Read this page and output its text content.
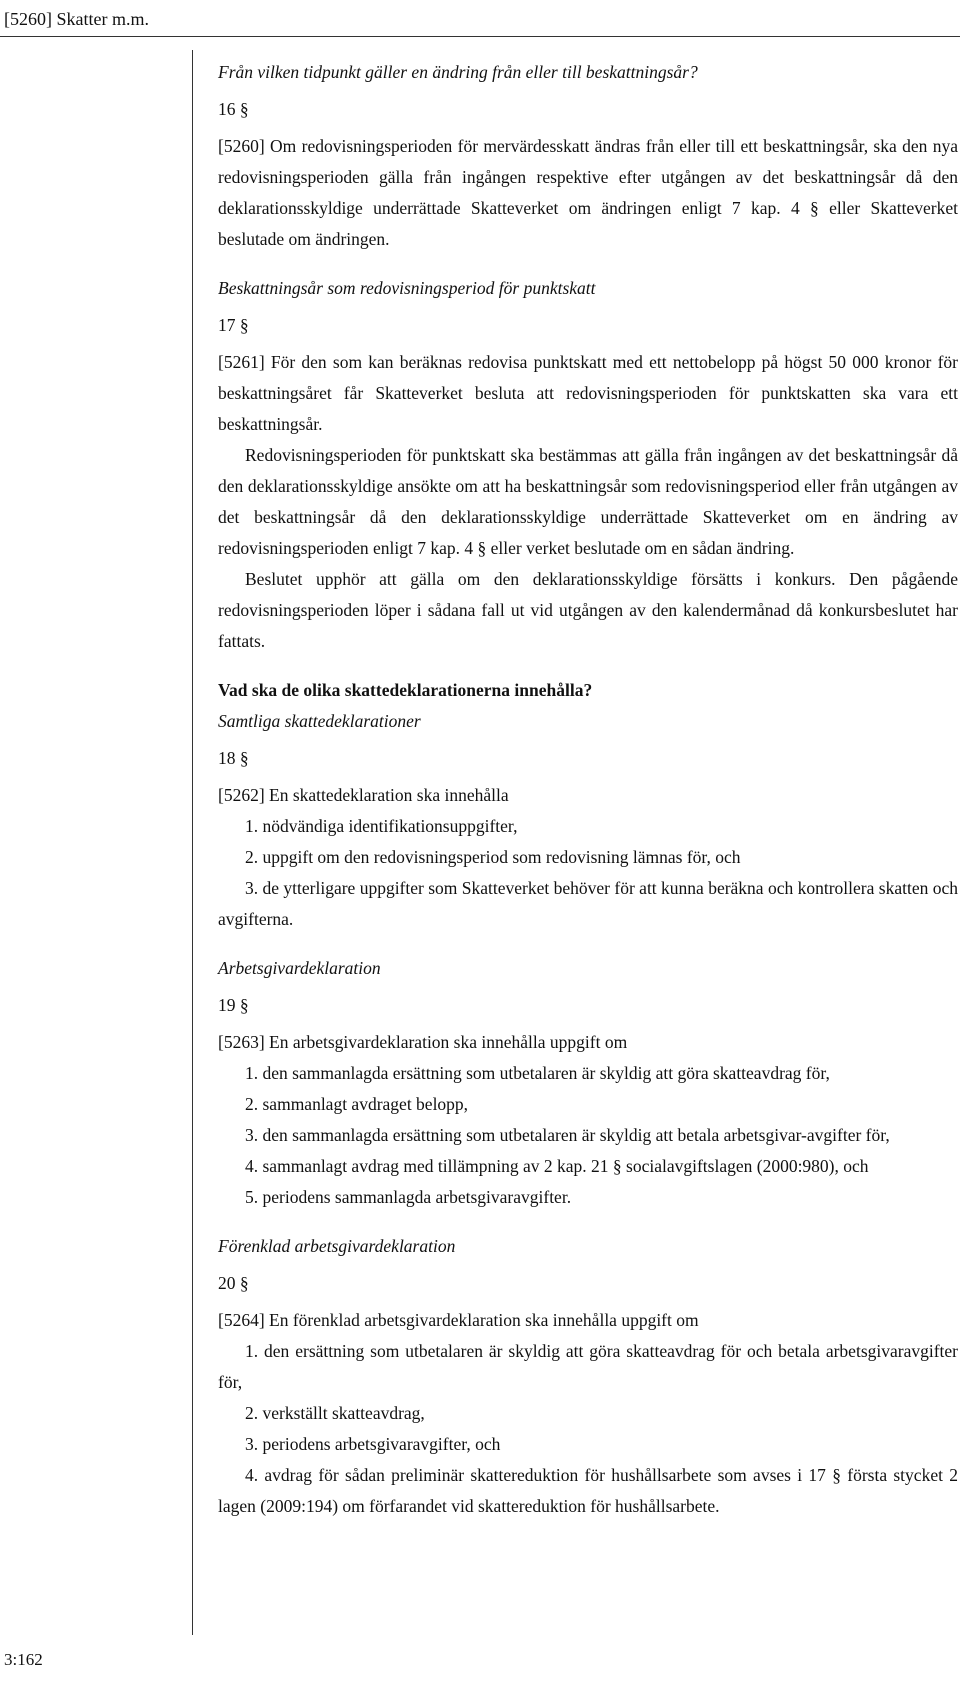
[5260] Skatter m.m.

Från vilken tidpunkt gäller en ändring från eller till beskattningsår?

16 §

[5260] Om redovisningsperioden för mervärdesskatt ändras från eller till ett beskattningsår, ska den nya redovisningsperioden gälla från ingången respektive efter utgången av det beskattningsår då den deklarationsskyldige underrättade Skatteverket om ändringen enligt 7 kap. 4 § eller Skatteverket beslutade om ändringen.

Beskattningsår som redovisningsperiod för punktskatt

17 §

[5261] För den som kan beräknas redovisa punktskatt med ett nettobelopp på högst 50 000 kronor för beskattningsåret får Skatteverket besluta att redovisningsperioden för punktskatten ska vara ett beskattningsår.

Redovisningsperioden för punktskatt ska bestämmas att gälla från ingången av det beskattningsår då den deklarationsskyldige ansökte om att ha beskattningsår som redovisningsperiod eller från utgången av det beskattningsår då den deklarationsskyldige underrättade Skatteverket om en ändring av redovisningsperioden enligt 7 kap. 4 § eller verket beslutade om en sådan ändring.

Beslutet upphör att gälla om den deklarationsskyldige försätts i konkurs. Den pågående redovisningsperioden löper i sådana fall ut vid utgången av den kalendermånad då konkursbeslutet har fattats.

Vad ska de olika skattedeklarationerna innehålla?

Samtliga skattedeklarationer

18 §

[5262] En skattedeklaration ska innehålla

1. nödvändiga identifikationsuppgifter,

2. uppgift om den redovisningsperiod som redovisning lämnas för, och

3. de ytterligare uppgifter som Skatteverket behöver för att kunna beräkna och kontrollera skatten och avgifterna.

Arbetsgivardeklaration

19 §

[5263] En arbetsgivardeklaration ska innehålla uppgift om

1. den sammanlagda ersättning som utbetalaren är skyldig att göra skatteavdrag för,

2. sammanlagt avdraget belopp,

3. den sammanlagda ersättning som utbetalaren är skyldig att betala arbetsgivar-avgifter för,

4. sammanlagt avdrag med tillämpning av 2 kap. 21 § socialavgiftslagen (2000:980), och

5. periodens sammanlagda arbetsgivaravgifter.

Förenklad arbetsgivardeklaration

20 §

[5264] En förenklad arbetsgivardeklaration ska innehålla uppgift om

1. den ersättning som utbetalaren är skyldig att göra skatteavdrag för och betala arbetsgivaravgifter för,

2. verkställt skatteavdrag,

3. periodens arbetsgivaravgifter, och

4. avdrag för sådan preliminär skattereduktion för hushållsarbete som avses i 17 § första stycket 2 lagen (2009:194) om förfarandet vid skattereduktion för hushållsarbete.

3:162
